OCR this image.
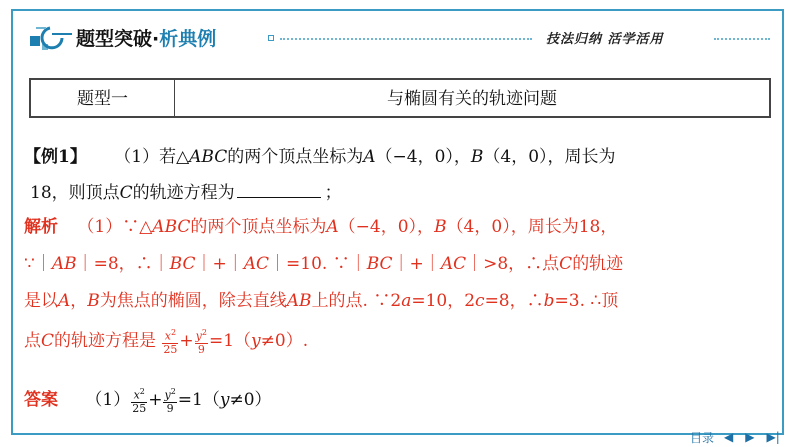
题型突破·析典例	技法归纳 活学活用
题型一	与椭圆有关的轨迹问题
【例1】 （1）若△ABC的两个顶点坐标为A（−4，0），B（4，0），周长为
18，则顶点C的轨迹方程为	；
解析 （1）∵△ABC的两个顶点坐标为A（−4，0），B（4，0），周长为18，
∵｜AB｜=8，∴｜BC｜+｜AC｜=10. ∵｜BC｜+｜AC｜>8，∴点C的轨迹
是以A，B为焦点的椭圆，除去直线AB上的点. ∵2a=10，2c=8，∴b=3. ∴顶
点C的轨迹方程是 $\frac{x^2}{25} + \frac{y^2}{9} =1(y\ne 0)$.
答案 $(1) \frac{x^2}{25} + \frac{y^2}{9} =1(y\ne 0)$
目录 ◀ ▶ ▶|
